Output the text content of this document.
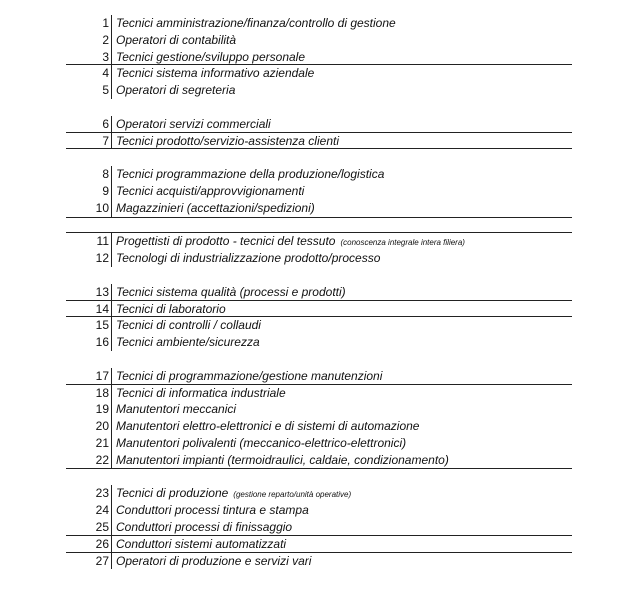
1 Tecnici amministrazione/finanza/controllo di gestione
2 Operatori di contabilità
3 Tecnici gestione/sviluppo personale
4 Tecnici sistema informativo aziendale
5 Operatori di segreteria
6 Operatori servizi commerciali
7 Tecnici prodotto/servizio-assistenza clienti
8 Tecnici programmazione della produzione/logistica
9 Tecnici acquisti/approvvigionamenti
10 Magazzinieri (accettazioni/spedizioni)
11 Progettisti di prodotto - tecnici del tessuto (conoscenza integrale intera filiera)
12 Tecnologi di industrializzazione prodotto/processo
13 Tecnici sistema qualità (processi e prodotti)
14 Tecnici di laboratorio
15 Tecnici di controlli / collaudi
16 Tecnici ambiente/sicurezza
17 Tecnici di programmazione/gestione manutenzioni
18 Tecnici di informatica industriale
19 Manutentori meccanici
20 Manutentori elettro-elettronici e di sistemi di automazione
21 Manutentori polivalenti (meccanico-elettrico-elettronici)
22 Manutentori impianti (termoidraulici, caldaie, condizionamento)
23 Tecnici di produzione (gestione reparto/unità operative)
24 Conduttori processi tintura e stampa
25 Conduttori processi di finissaggio
26 Conduttori sistemi automatizzati
27 Operatori di produzione e servizi vari
